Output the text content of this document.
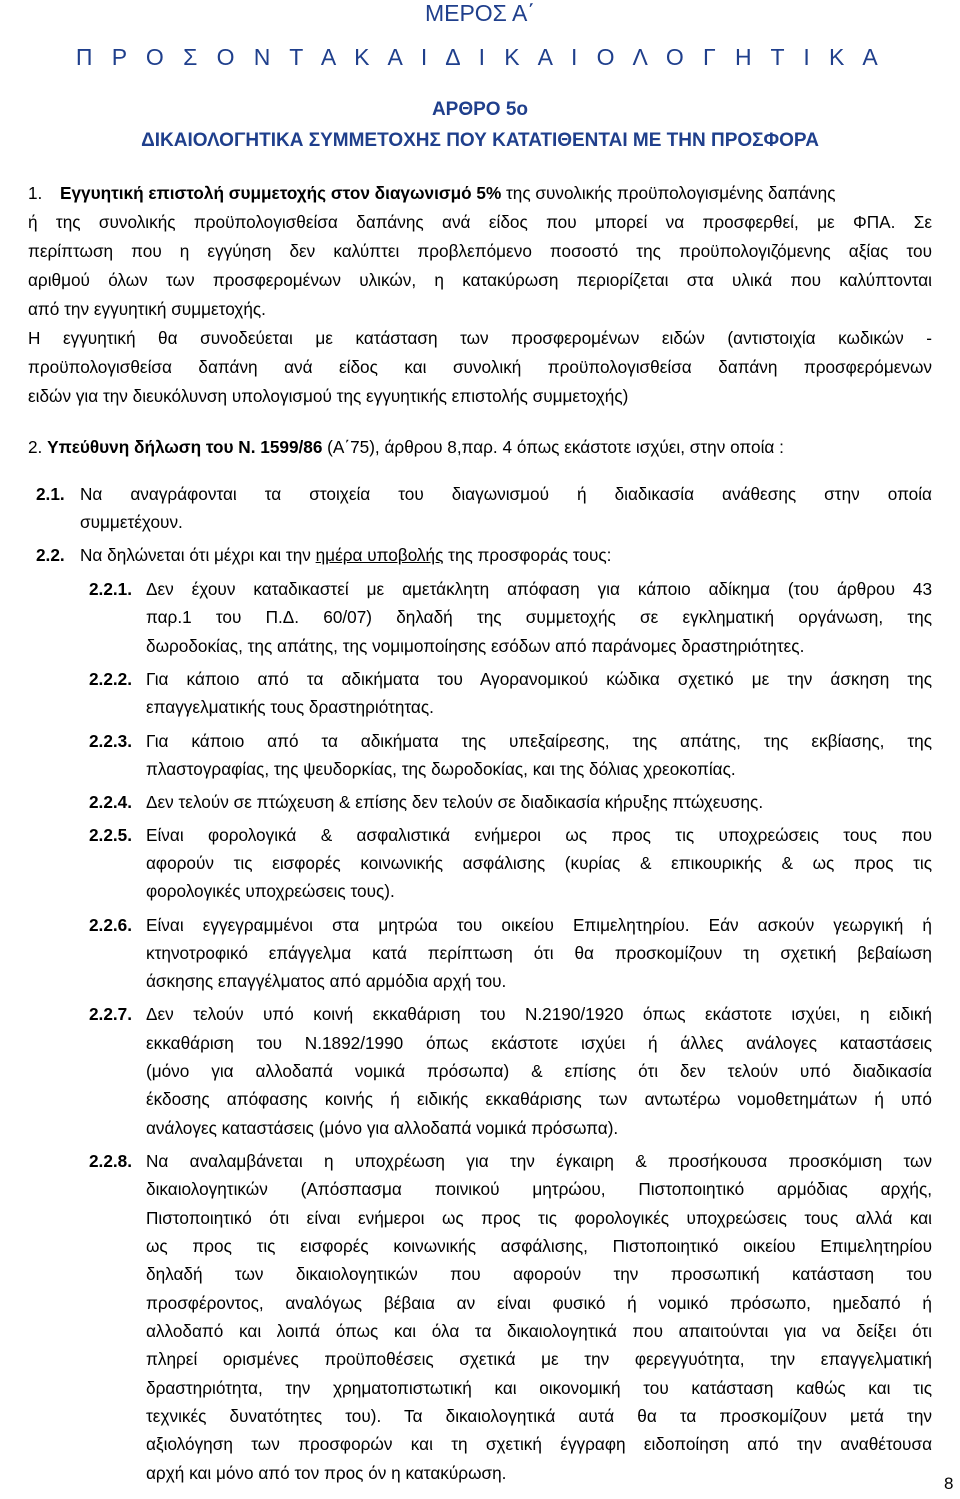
ΜΕΡΟΣ Α΄
Π Ρ Ο Σ Ο Ν Τ Α Κ Α Ι Δ Ι Κ Α Ι Ο Λ Ο Γ Η Τ Ι Κ Α
ΑΡΘΡΟ 5ο
ΔΙΚΑΙΟΛΟΓΗΤΙΚΑ ΣΥΜΜΕΤΟΧΗΣ ΠΟΥ ΚΑΤΑΤΙΘΕΝΤΑΙ ΜΕ ΤΗΝ ΠΡΟΣΦΟΡΑ
1. Εγγυητική επιστολή συμμετοχής στον διαγωνισμό 5% της συνολικής προϋπολογισμένης δαπάνης
ή της συνολικής προϋπολογισθείσα δαπάνης ανά είδος που μπορεί να προσφερθεί, με ΦΠΑ. Σε
περίπτωση που η εγγύηση δεν καλύπτει προβλεπόμενο ποσοστό της προϋπολογιζόμενης αξίας του
αριθμού όλων των προσφερομένων υλικών, η κατακύρωση περιορίζεται στα υλικά που καλύπτονται
από την εγγυητική συμμετοχής.
Η εγγυητική θα συνοδεύεται με κατάσταση των προσφερομένων ειδών (αντιστοιχία κωδικών -
προϋπολογισθείσα δαπάνη ανά είδος και συνολική προϋπολογισθείσα δαπάνη προσφερόμενων
ειδών για την διευκόλυνση υπολογισμού της εγγυητικής επιστολής συμμετοχής)
2. Υπεύθυνη δήλωση του Ν. 1599/86 (Α΄75), άρθρου 8,παρ. 4 όπως εκάστοτε ισχύει, στην οποία :
2.1. Να αναγράφονται τα στοιχεία του διαγωνισμού ή διαδικασία ανάθεσης στην οποία
συμμετέχουν.
2.2. Να δηλώνεται ότι μέχρι και την ημέρα υποβολής της προσφοράς τους:
2.2.1. Δεν έχουν καταδικαστεί με αμετάκλητη απόφαση για κάποιο αδίκημα (του άρθρου 43
παρ.1 του Π.Δ. 60/07) δηλαδή της συμμετοχής σε εγκληματική οργάνωση, της
δωροδοκίας, της απάτης, της νομιμοποίησης εσόδων από παράνομες δραστηριότητες.
2.2.2. Για κάποιο από τα αδικήματα του Αγορανομικού κώδικα σχετικό με την άσκηση της
επαγγελματικής τους δραστηριότητας.
2.2.3. Για κάποιο από τα αδικήματα της υπεξαίρεσης, της απάτης, της εκβίασης, της
πλαστογραφίας, της ψευδορκίας, της δωροδοκίας, και της δόλιας χρεοκοπίας.
2.2.4. Δεν τελούν σε πτώχευση & επίσης δεν τελούν σε διαδικασία κήρυξης πτώχευσης.
2.2.5. Είναι φορολογικά & ασφαλιστικά ενήμεροι ως προς τις υποχρεώσεις τους που
αφορούν τις εισφορές κοινωνικής ασφάλισης (κυρίας & επικουρικής & ως προς τις
φορολογικές υποχρεώσεις τους).
2.2.6. Είναι εγγεγραμμένοι στα μητρώα του οικείου Επιμελητηρίου. Εάν ασκούν γεωργική ή
κτηνοτροφικό επάγγελμα κατά περίπτωση ότι θα προσκομίζουν τη σχετική βεβαίωση
άσκησης επαγγέλματος από αρμόδια αρχή του.
2.2.7. Δεν τελούν υπό κοινή εκκαθάριση του Ν.2190/1920 όπως εκάστοτε ισχύει, η ειδική
εκκαθάριση του Ν.1892/1990 όπως εκάστοτε ισχύει ή άλλες ανάλογες καταστάσεις
(μόνο για αλλοδαπά νομικά πρόσωπα) & επίσης ότι δεν τελούν υπό διαδικασία
έκδοσης απόφασης κοινής ή ειδικής εκκαθάρισης των αντωτέρω νομοθετημάτων ή υπό
ανάλογες καταστάσεις (μόνο για αλλοδαπά νομικά πρόσωπα).
2.2.8. Να αναλαμβάνεται η υποχρέωση για την έγκαιρη & προσήκουσα προσκόμιση των
δικαιολογητικών (Απόσπασμα ποινικού μητρώου, Πιστοποιητικό αρμόδιας αρχής,
Πιστοποιητικό ότι είναι ενήμεροι ως προς τις φορολογικές υποχρεώσεις τους αλλά και
ως προς τις εισφορές κοινωνικής ασφάλισης, Πιστοποιητικό οικείου Επιμελητηρίου
δηλαδή των δικαιολογητικών που αφορούν την προσωπική κατάσταση του
προσφέροντος, αναλόγως βέβαια αν είναι φυσικό ή νομικό πρόσωπο, ημεδαπό ή
αλλοδαπό και λοιπά όπως και όλα τα δικαιολογητικά που απαιτούνται για να δείξει ότι
πληρεί ορισμένες προϋποθέσεις σχετικά με την φερεγγυότητα, την επαγγελματική
δραστηριότητα, την χρηματοπιστωτική και οικονομική του κατάσταση καθώς και τις
τεχνικές δυνατότητες του). Τα δικαιολογητικά αυτά θα τα προσκομίζουν μετά την
αξιολόγηση των προσφορών και τη σχετική έγγραφη ειδοποίηση από την αναθέτουσα
αρχή και μόνο από τον προς όν η κατακύρωση.
8
